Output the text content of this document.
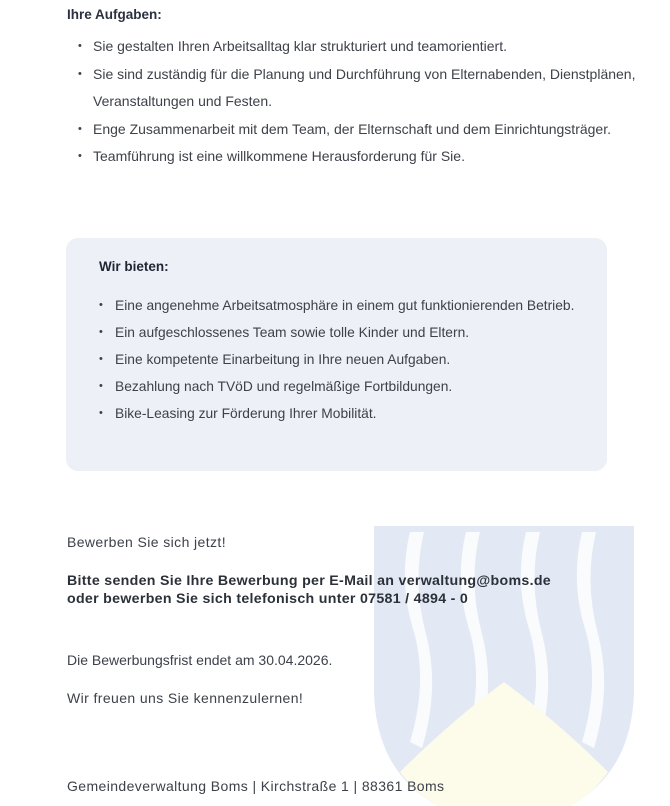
Ihre Aufgaben:
• Sie gestalten Ihren Arbeitsalltag klar strukturiert und teamorientiert.
• Sie sind zuständig für die Planung und Durchführung von Elternabenden, Dienstplänen, Veranstaltungen und Festen.
• Enge Zusammenarbeit mit dem Team, der Elternschaft und dem Einrichtungsträger.
• Teamführung ist eine willkommene Herausforderung für Sie.
Wir bieten:
• Eine angenehme Arbeitsatmosphäre in einem gut funktionierenden Betrieb.
• Ein aufgeschlossenes Team sowie tolle Kinder und Eltern.
• Eine kompetente Einarbeitung in Ihre neuen Aufgaben.
• Bezahlung nach TVöD und regelmäßige Fortbildungen.
• Bike-Leasing zur Förderung Ihrer Mobilität.
Bewerben Sie sich jetzt!
Bitte senden Sie Ihre Bewerbung per E-Mail an verwaltung@boms.de oder bewerben Sie sich telefonisch unter 07581 / 4894 - 0
Die Bewerbungsfrist endet am 30.04.2026.
Wir freuen uns Sie kennenzulernen!
Gemeindeverwaltung Boms | Kirchstraße 1 | 88361 Boms
